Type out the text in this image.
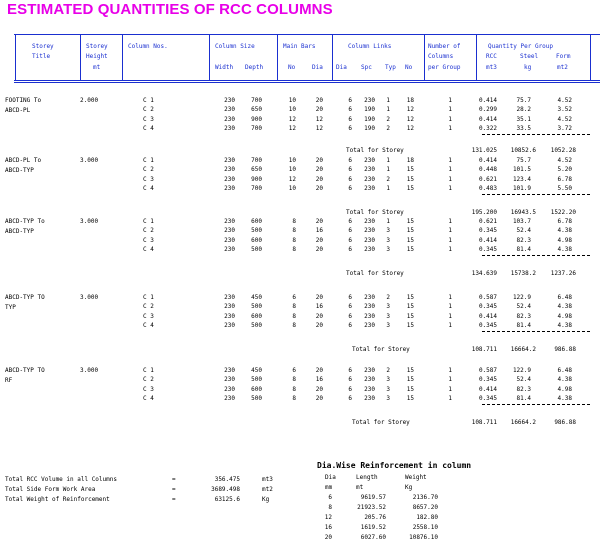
ESTIMATED QUANTITIES OF RCC COLUMNS
Storey
Title
Storey
Height
mt
Column Nos.	Column Size
Width Depth
Main Bars
No	Dia
Column Links
Dia Spc Typ No
Number of
Columns
per Group
Quantity Per Group
RCC	Steel	Form
mt3	kg	mt2
FOOTING To
ABCD-PL
2.000	C 1	230	700	10	20	6 230 1	18	1	0.414	75.7	4.52
C 2	230	650	10	20	6 190 1	12	1	0.299	28.2	3.52
C 3	230	900	12	12	6 190 2	12	1	0.414	35.1	4.52
C 4	230	700	12	12	6 190 2	12	1	0.322	33.5	3.72
Total for Storey	131.025 10852.6 1052.28
ABCD-PL To
ABCD-TYP
3.000	C 1	230	700	10	20	6 230 1	18	1	0.414	75.7	4.52
C 2	230	650	10	20	6 230 1	15	1	0.448	101.5	5.20
C 3	230	900	12	20	6 230 2	15	1	0.621	123.4	6.78
C 4	230	700	10	20	6 230 1	15	1	0.483	101.9	5.50
Total for Storey	195.200 16943.5 1522.20
ABCD-TYP To
ABCD-TYP
3.000	C 1	230	600	8	20	6 230 1	15	1	0.621	103.7	6.78
C 2	230	500	8	16	6 230 3	15	1	0.345	52.4	4.38
C 3	230	600	8	20	6 230 3	15	1	0.414	82.3	4.98
C 4	230	500	8	20	6 230 3	15	1	0.345	81.4	4.38
Total for Storey	134.639 15738.2 1237.26
ABCD-TYP TO
TYP
3.000	C 1	230	450	6	20	6 230 2	15	1	0.587	122.9	6.48
C 2	230	500	8	16	6 230 3	15	1	0.345	52.4	4.38
C 3	230	600	8	20	6 230 3	15	1	0.414	82.3	4.98
C 4	230	500	8	20	6 230 3	15	1	0.345	81.4	4.38
Total for Storey	108.711 16664.2	986.88
ABCD-TYP TO
RF
3.000	C 1	230	450	6	20	6 230 2	15	1	0.587	122.9	6.48
C 2	230	500	8	16	6 230 3	15	1	0.345	52.4	4.38
C 3	230	600	8	20	6 230 3	15	1	0.414	82.3	4.98
C 4	230	500	8	20	6 230 3	15	1	0.345	81.4	4.38
Total for Storey	108.711 16664.2	986.88
Total RCC Volume in all Columns	=	356.475	mt3
Total Side Form Work Area	=	3689.498	mt2
Total Weight of Reinforcement	=	63125.6	Kg
Dia.Wise Reinforcement in column
Dia	Length	Weight
mm	mt	Kg
6	9619.57	2136.70
8	21923.52	8657.20
12	205.76	182.80
16	1619.52	2558.10
20	6027.60	10876.10
